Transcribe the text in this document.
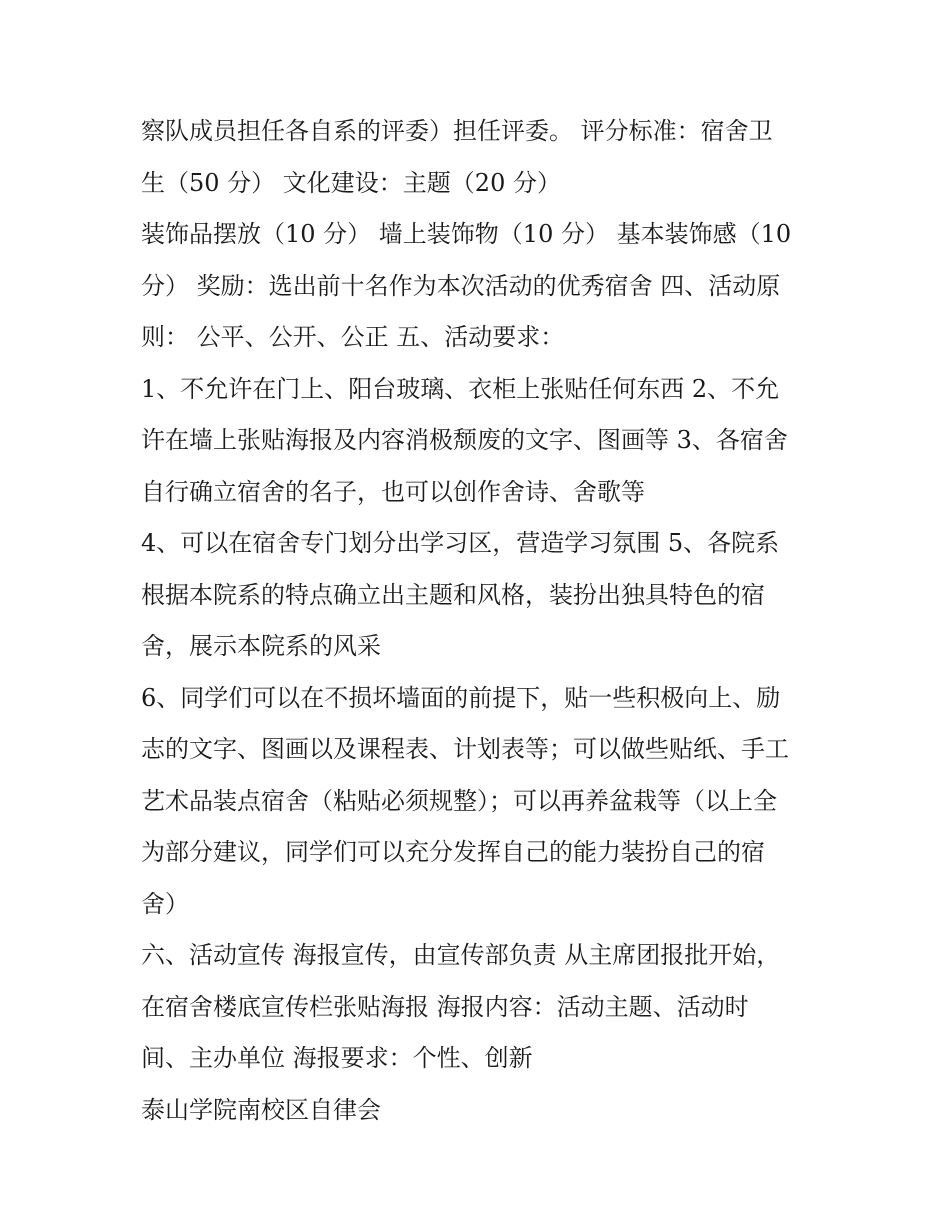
察队成员担任各自系的评委）担任评委。 评分标准：宿舍卫
生（50 分） 文化建设：主题（20 分）
装饰品摆放（10 分） 墙上装饰物（10 分） 基本装饰感（10
分） 奖励：选出前十名作为本次活动的优秀宿舍 四、活动原
则： 公平、公开、公正 五、活动要求：
1、不允许在门上、阳台玻璃、衣柜上张贴任何东西 2、不允
许在墙上张贴海报及内容消极颓废的文字、图画等 3、各宿舍
自行确立宿舍的名子，也可以创作舍诗、舍歌等
4、可以在宿舍专门划分出学习区，营造学习氛围 5、各院系
根据本院系的特点确立出主题和风格，装扮出独具特色的宿
舍，展示本院系的风采
6、同学们可以在不损坏墙面的前提下，贴一些积极向上、励
志的文字、图画以及课程表、计划表等；可以做些贴纸、手工
艺术品装点宿舍（粘贴必须规整）；可以再养盆栽等（以上全
为部分建议，同学们可以充分发挥自己的能力装扮自己的宿
舍）
六、活动宣传 海报宣传，由宣传部负责 从主席团报批开始，
在宿舍楼底宣传栏张贴海报 海报内容：活动主题、活动时
间、主办单位 海报要求：个性、创新
泰山学院南校区自律会
